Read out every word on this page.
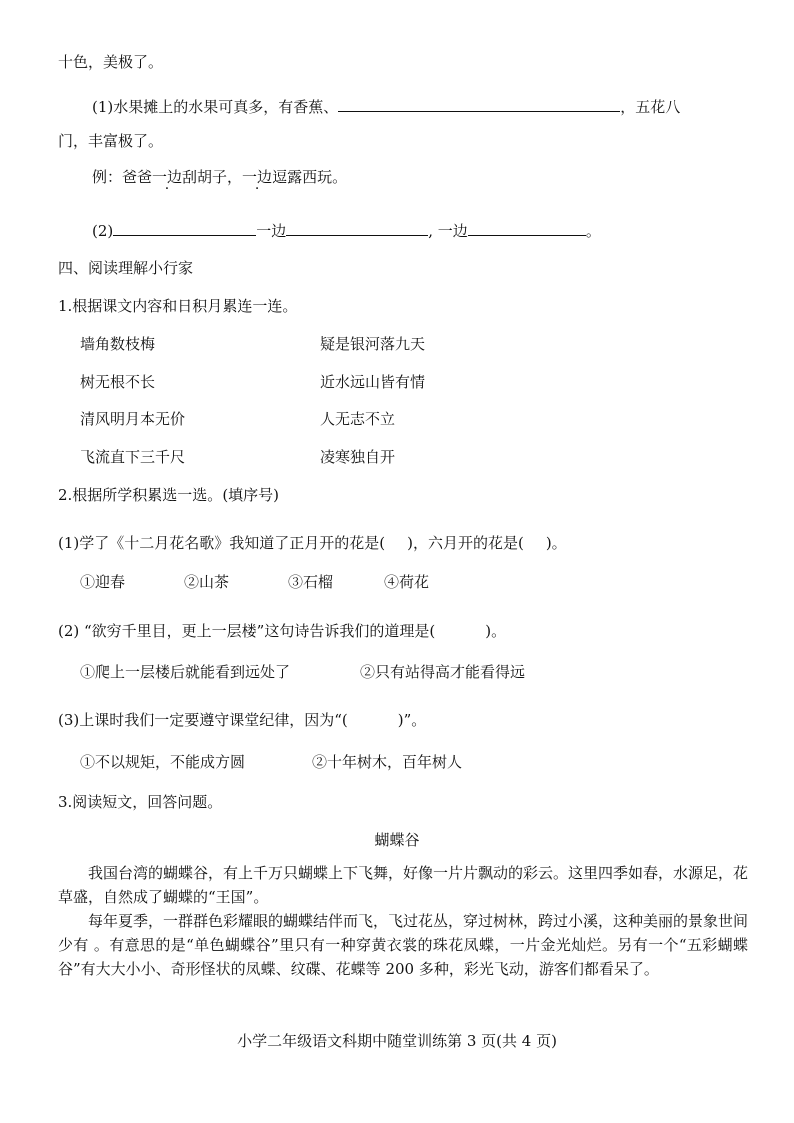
十色，美极了。
(1)水果摊上的水果可真多，有香蕉、	，五花八
门，丰富极了。
例：爸爸一边刮胡子，一边逗露西玩。
(2)	一边	, 一边	。
四、阅读理解小行家
1.根据课文内容和日积月累连一连。
墙角数枝梅	疑是银河落九天
树无根不长	近水远山皆有情
清风明月本无价	人无志不立
飞流直下三千尺	凌寒独自开
2.根据所学积累选一选。(填序号)
(1)学了《十二月花名歌》我知道了正月开的花是( )，六月开的花是( )。
①迎春	②山茶	③石榴	④荷花
(2) “欲穷千里目，更上一层楼”这句诗告诉我们的道理是(	)。
①爬上一层楼后就能看到远处了	②只有站得高才能看得远
(3)上课时我们一定要遵守课堂纪律，因为“(	)”。
①不以规矩，不能成方圆	②十年树木，百年树人
3.阅读短文，回答问题。
蝴蝶谷

我国台湾的蝴蝶谷，有上千万只蝴蝶上下飞舞，好像一片片飘动的彩云。这里四季如春，水源足，花草盛，自然成了蝴蝶的“王国”。

每年夏季，一群群色彩耀眼的蝴蝶结伴而飞，飞过花丛，穿过树林，跨过小溪，这种美丽的景象世间少有 。有意思的是“单色蝴蝶谷”里只有一种穿黄衣裳的珠花凤蝶，一片金光灿烂。另有一个“五彩蝴蝶谷”有大大小小、奇形怪状的凤蝶、纹碟、花蝶等 200 多种，彩光飞动，游客们都看呆了。

小学二年级语文科期中随堂训练第 3 页(共 4 页)
